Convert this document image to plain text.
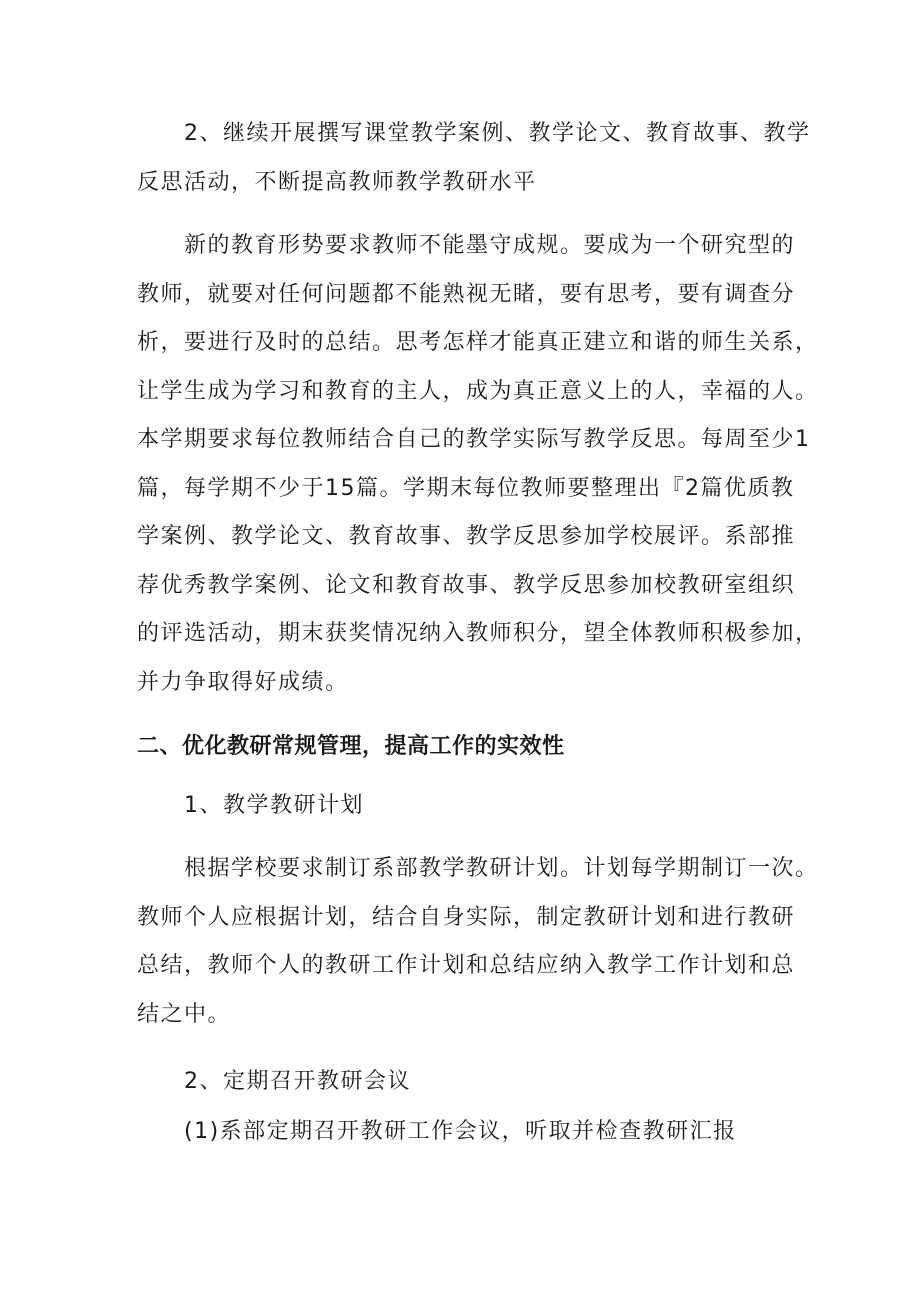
2、继续开展撰写课堂教学案例、教学论文、教育故事、教学
反思活动，不断提高教师教学教研水平
新的教育形势要求教师不能墨守成规。要成为一个研究型的
教师，就要对任何问题都不能熟视无睹，要有思考，要有调查分
析，要进行及时的总结。思考怎样才能真正建立和谐的师生关系，
让学生成为学习和教育的主人，成为真正意义上的人，幸福的人。
本学期要求每位教师结合自己的教学实际写教学反思。每周至少1
篇，每学期不少于15篇。学期末每位教师要整理出『2篇优质教
学案例、教学论文、教育故事、教学反思参加学校展评。系部推
荐优秀教学案例、论文和教育故事、教学反思参加校教研室组织
的评选活动，期末获奖情况纳入教师积分，望全体教师积极参加，
并力争取得好成绩。
二、优化教研常规管理，提高工作的实效性
1、教学教研计划
根据学校要求制订系部教学教研计划。计划每学期制订一次。
教师个人应根据计划，结合自身实际，制定教研计划和进行教研
总结，教师个人的教研工作计划和总结应纳入教学工作计划和总
结之中。
2、定期召开教研会议
(1)系部定期召开教研工作会议，听取并检查教研汇报
